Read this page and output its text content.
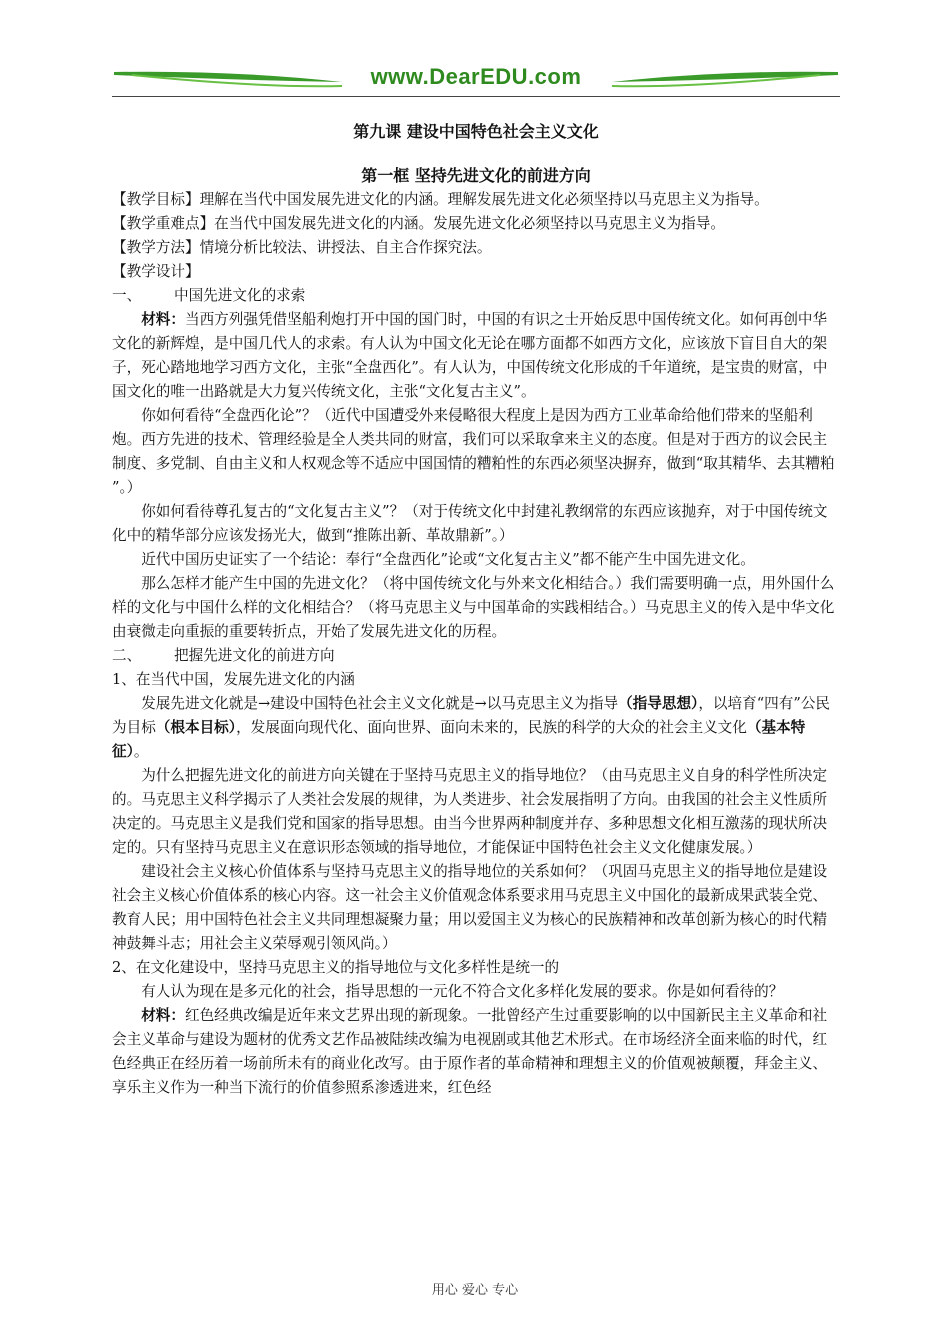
www.DearEDU.com

第九课 建设中国特色社会主义文化

第一框 坚持先进文化的前进方向

【教学目标】理解在当代中国发展先进文化的内涵。理解发展先进文化必须坚持以马克思主义为指导。

【教学重难点】在当代中国发展先进文化的内涵。发展先进文化必须坚持以马克思主义为指导。

【教学方法】情境分析比较法、讲授法、自主合作探究法。

【教学设计】

一、	中国先进文化的求索

材料：当西方列强凭借坚船利炮打开中国的国门时，中国的有识之士开始反思中国传统文化。如何再创中华文化的新辉煌，是中国几代人的求索。有人认为中国文化无论在哪方面都不如西方文化，应该放下盲目自大的架子，死心踏地地学习西方文化，主张“全盘西化”。有人认为，中国传统文化形成的千年道统，是宝贵的财富，中国文化的唯一出路就是大力复兴传统文化，主张“文化复古主义”。

你如何看待“全盘西化论”？（近代中国遭受外来侵略很大程度上是因为西方工业革命给他们带来的坚船利炮。西方先进的技术、管理经验是全人类共同的财富，我们可以采取拿来主义的态度。但是对于西方的议会民主制度、多党制、自由主义和人权观念等不适应中国国情的糟粕性的东西必须坚决摒弃，做到“取其精华、去其糟粕 ”。）

你如何看待尊孔复古的“文化复古主义”？（对于传统文化中封建礼教纲常的东西应该抛弃，对于中国传统文化中的精华部分应该发扬光大，做到“推陈出新、革故鼎新”。）

近代中国历史证实了一个结论：奉行“全盘西化”论或“文化复古主义”都不能产生中国先进文化。

那么怎样才能产生中国的先进文化？（将中国传统文化与外来文化相结合。）我们需要明确一点，用外国什么样的文化与中国什么样的文化相结合？（将马克思主义与中国革命的实践相结合。）马克思主义的传入是中华文化由衰微走向重振的重要转折点，开始了发展先进文化的历程。

二、	把握先进文化的前进方向

1、在当代中国，发展先进文化的内涵

发展先进文化就是→建设中国特色社会主义文化就是→以马克思主义为指导（指导思想），以培育“四有”公民为目标（根本目标），发展面向现代化、面向世界、面向未来的，民族的科学的大众的社会主义文化（基本特征）。

为什么把握先进文化的前进方向关键在于坚持马克思主义的指导地位？（由马克思主义自身的科学性所决定的。马克思主义科学揭示了人类社会发展的规律，为人类进步、社会发展指明了方向。由我国的社会主义性质所决定的。马克思主义是我们党和国家的指导思想。由当今世界两种制度并存、多种思想文化相互激荡的现状所决定的。只有坚持马克思主义在意识形态领域的指导地位，才能保证中国特色社会主义文化健康发展。）

建设社会主义核心价值体系与坚持马克思主义的指导地位的关系如何？（巩固马克思主义的指导地位是建设社会主义核心价值体系的核心内容。这一社会主义价值观念体系要求用马克思主义中国化的最新成果武装全党、教育人民；用中国特色社会主义共同理想凝聚力量；用以爱国主义为核心的民族精神和改革创新为核心的时代精神鼓舞斗志；用社会主义荣辱观引领风尚。）

2、在文化建设中，坚持马克思主义的指导地位与文化多样性是统一的

有人认为现在是多元化的社会，指导思想的一元化不符合文化多样化发展的要求。你是如何看待的？

材料：红色经典改编是近年来文艺界出现的新现象。一批曾经产生过重要影响的以中国新民主主义革命和社会主义革命与建设为题材的优秀文艺作品被陆续改编为电视剧或其他艺术形式。在市场经济全面来临的时代，红色经典正在经历着一场前所未有的商业化改写。由于原作者的革命精神和理想主义的价值观被颠覆，拜金主义、享乐主义作为一种当下流行的价值参照系渗透进来，红色经

用心 爱心 专心
